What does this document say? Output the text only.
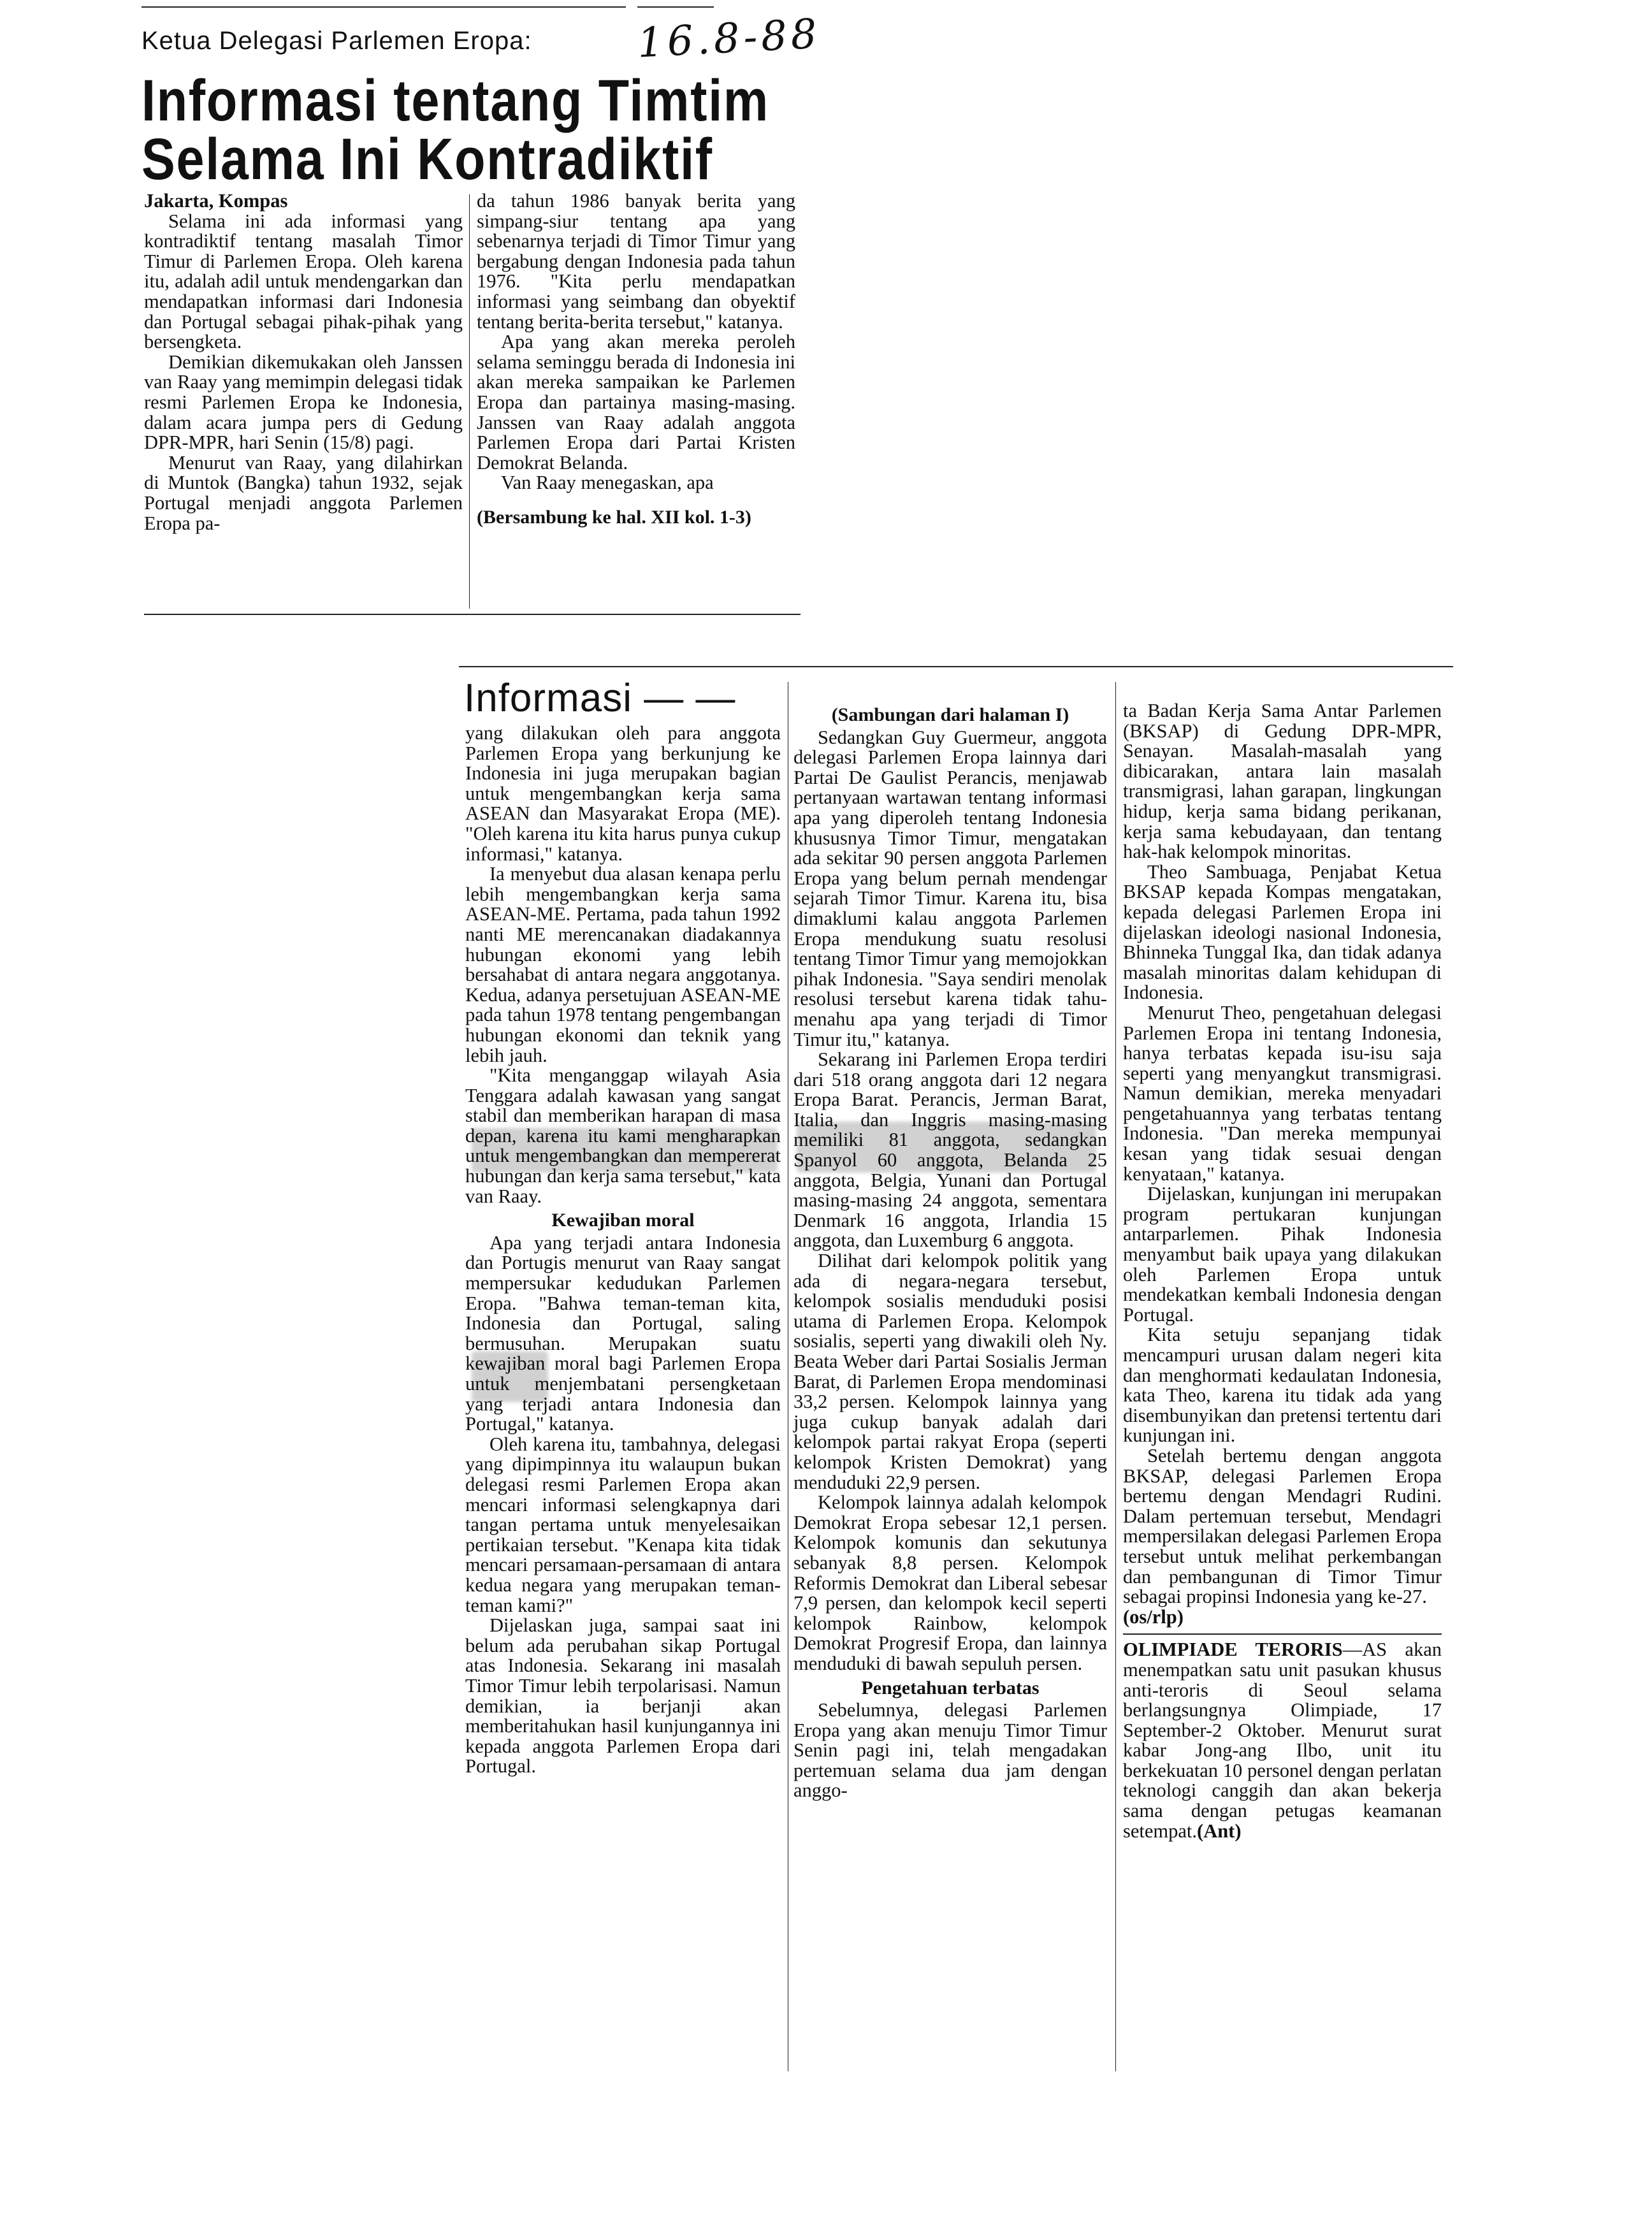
Ketua Delegasi Parlemen Eropa:	16.8-88
Informasi tentang Timtim
Selama Ini Kontradiktif

Jakarta, Kompas

Selama ini ada informasi yang kontradiktif tentang masalah Timor Timur di Parlemen Eropa. Oleh karena itu, adalah adil untuk mendengarkan dan mendapatkan informasi dari Indonesia dan Portugal sebagai pihak-pihak yang bersengketa.

Demikian dikemukakan oleh Janssen van Raay yang memimpin delegasi tidak resmi Parlemen Eropa ke Indonesia, dalam acara jumpa pers di Gedung DPR-MPR, hari Senin (15/8) pagi.

Menurut van Raay, yang dilahirkan di Muntok (Bangka) tahun 1932, sejak Portugal menjadi anggota Parlemen Eropa pa-

da tahun 1986 banyak berita yang simpang-siur tentang apa yang sebenarnya terjadi di Timor Timur yang bergabung dengan Indonesia pada tahun 1976. "Kita perlu mendapatkan informasi yang seimbang dan obyektif tentang berita-berita tersebut," katanya.

Apa yang akan mereka peroleh selama seminggu berada di Indonesia ini akan mereka sampaikan ke Parlemen Eropa dan partainya masing-masing. Janssen van Raay adalah anggota Parlemen Eropa dari Partai Kristen Demokrat Belanda.

Van Raay menegaskan, apa

(Bersambung ke hal. XII kol. 1-3)

Informasi — —

yang dilakukan oleh para anggota Parlemen Eropa yang berkunjung ke Indonesia ini juga merupakan bagian untuk mengembangkan kerja sama ASEAN dan Masyarakat Eropa (ME). "Oleh karena itu kita harus punya cukup informasi," katanya.

Ia menyebut dua alasan kenapa perlu lebih mengembangkan kerja sama ASEAN-ME. Pertama, pada tahun 1992 nanti ME merencanakan diadakannya hubungan ekonomi yang lebih bersahabat di antara negara anggotanya. Kedua, adanya persetujuan ASEAN-ME pada tahun 1978 tentang pengembangan hubungan ekonomi dan teknik yang lebih jauh.

"Kita menganggap wilayah Asia Tenggara adalah kawasan yang sangat stabil dan memberikan harapan di masa depan, karena itu kami mengharapkan untuk mengembangkan dan mempererat hubungan dan kerja sama tersebut," kata van Raay.

Kewajiban moral

Apa yang terjadi antara Indonesia dan Portugis menurut van Raay sangat mempersukar kedudukan Parlemen Eropa. "Bahwa teman-teman kita, Indonesia dan Portugal, saling bermusuhan. Merupakan suatu kewajiban moral bagi Parlemen Eropa untuk menjembatani persengketaan yang terjadi antara Indonesia dan Portugal," katanya.

Oleh karena itu, tambahnya, delegasi yang dipimpinnya itu walaupun bukan delegasi resmi Parlemen Eropa akan mencari informasi selengkapnya dari tangan pertama untuk menyelesaikan pertikaian tersebut. "Kenapa kita tidak mencari persamaan-persamaan di antara kedua negara yang merupakan teman-teman kami?"

Dijelaskan juga, sampai saat ini belum ada perubahan sikap Portugal atas Indonesia. Sekarang ini masalah Timor Timur lebih terpolarisasi. Namun demikian, ia berjanji akan memberitahukan hasil kunjungannya ini kepada anggota Parlemen Eropa dari Portugal.

(Sambungan dari halaman I)

Sedangkan Guy Guermeur, anggota delegasi Parlemen Eropa lainnya dari Partai De Gaulist Perancis, menjawab pertanyaan wartawan tentang informasi apa yang diperoleh tentang Indonesia khususnya Timor Timur, mengatakan ada sekitar 90 persen anggota Parlemen Eropa yang belum pernah mendengar sejarah Timor Timur. Karena itu, bisa dimaklumi kalau anggota Parlemen Eropa mendukung suatu resolusi tentang Timor Timur yang memojokkan pihak Indonesia. "Saya sendiri menolak resolusi tersebut karena tidak tahu-menahu apa yang terjadi di Timor Timur itu," katanya.

Sekarang ini Parlemen Eropa terdiri dari 518 orang anggota dari 12 negara Eropa Barat. Perancis, Jerman Barat, Italia, dan Inggris masing-masing memiliki 81 anggota, sedangkan Spanyol 60 anggota, Belanda 25 anggota, Belgia, Yunani dan Portugal masing-masing 24 anggota, sementara Denmark 16 anggota, Irlandia 15 anggota, dan Luxemburg 6 anggota.

Dilihat dari kelompok politik yang ada di negara-negara tersebut, kelompok sosialis menduduki posisi utama di Parlemen Eropa. Kelompok sosialis, seperti yang diwakili oleh Ny. Beata Weber dari Partai Sosialis Jerman Barat, di Parlemen Eropa mendominasi 33,2 persen. Kelompok lainnya yang juga cukup banyak adalah dari kelompok partai rakyat Eropa (seperti kelompok Kristen Demokrat) yang menduduki 22,9 persen.

Kelompok lainnya adalah kelompok Demokrat Eropa sebesar 12,1 persen. Kelompok komunis dan sekutunya sebanyak 8,8 persen. Kelompok Reformis Demokrat dan Liberal sebesar 7,9 persen, dan kelompok kecil seperti kelompok Rainbow, kelompok Demokrat Progresif Eropa, dan lainnya menduduki di bawah sepuluh persen.

Pengetahuan terbatas

Sebelumnya, delegasi Parlemen Eropa yang akan menuju Timor Timur Senin pagi ini, telah mengadakan pertemuan selama dua jam dengan anggo-

ta Badan Kerja Sama Antar Parlemen (BKSAP) di Gedung DPR-MPR, Senayan. Masalah-masalah yang dibicarakan, antara lain masalah transmigrasi, lahan garapan, lingkungan hidup, kerja sama bidang perikanan, kerja sama kebudayaan, dan tentang hak-hak kelompok minoritas.

Theo Sambuaga, Penjabat Ketua BKSAP kepada Kompas mengatakan, kepada delegasi Parlemen Eropa ini dijelaskan ideologi nasional Indonesia, Bhinneka Tunggal Ika, dan tidak adanya masalah minoritas dalam kehidupan di Indonesia.

Menurut Theo, pengetahuan delegasi Parlemen Eropa ini tentang Indonesia, hanya terbatas kepada isu-isu saja seperti yang menyangkut transmigrasi. Namun demikian, mereka menyadari pengetahuannya yang terbatas tentang Indonesia. "Dan mereka mempunyai kesan yang tidak sesuai dengan kenyataan," katanya.

Dijelaskan, kunjungan ini merupakan program pertukaran kunjungan antarparlemen. Pihak Indonesia menyambut baik upaya yang dilakukan oleh Parlemen Eropa untuk mendekatkan kembali Indonesia dengan Portugal.

Kita setuju sepanjang tidak mencampuri urusan dalam negeri kita dan menghormati kedaulatan Indonesia, kata Theo, karena itu tidak ada yang disembunyikan dan pretensi tertentu dari kunjungan ini.

Setelah bertemu dengan anggota BKSAP, delegasi Parlemen Eropa bertemu dengan Mendagri Rudini. Dalam pertemuan tersebut, Mendagri mempersilakan delegasi Parlemen Eropa tersebut untuk melihat perkembangan dan pembangunan di Timor Timur sebagai propinsi Indonesia yang ke-27.

(os/rlp)

OLIMPIADE TERORIS—AS akan menempatkan satu unit pasukan khusus anti-teroris di Seoul selama berlangsungnya Olimpiade, 17 September-2 Oktober. Menurut surat kabar Jong-ang Ilbo, unit itu berkekuatan 10 personel dengan perlatan teknologi canggih dan akan bekerja sama dengan petugas keamanan setempat.(Ant)
